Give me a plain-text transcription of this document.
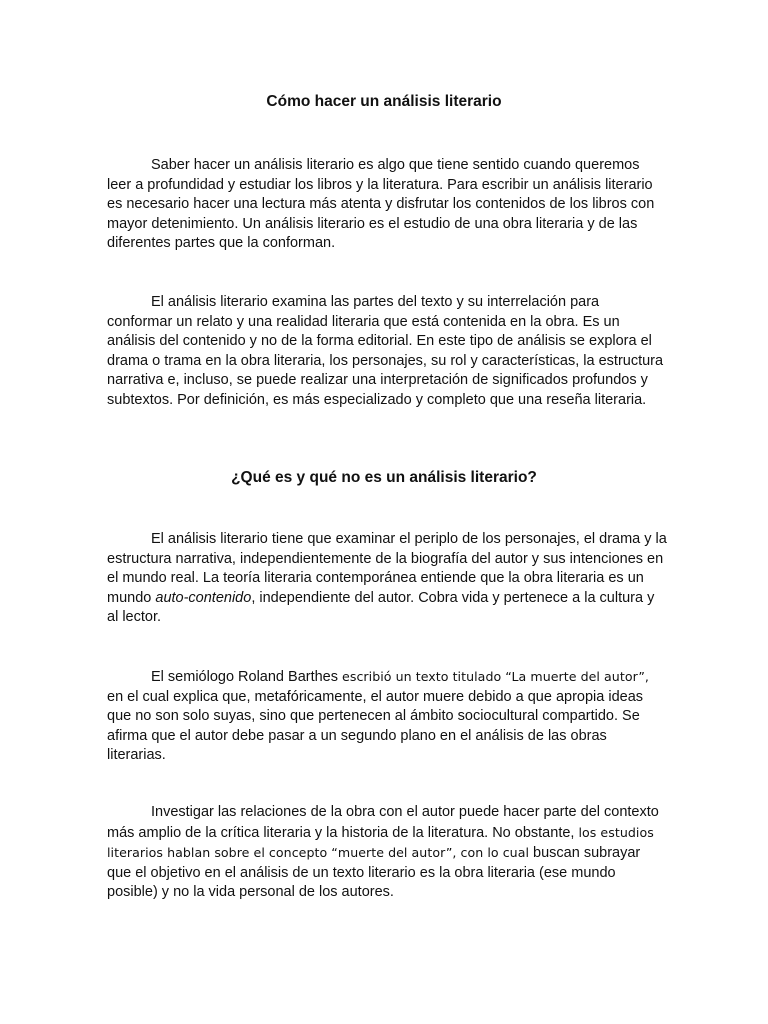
Cómo hacer un análisis literario

Saber hacer un análisis literario es algo que tiene sentido cuando queremos leer a profundidad y estudiar los libros y la literatura. Para escribir un análisis literario es necesario hacer una lectura más atenta y disfrutar los contenidos de los libros con mayor detenimiento. Un análisis literario es el estudio de una obra literaria y de las diferentes partes que la conforman.

El análisis literario examina las partes del texto y su interrelación para conformar un relato y una realidad literaria que está contenida en la obra. Es un análisis del contenido y no de la forma editorial. En este tipo de análisis se explora el drama o trama en la obra literaria, los personajes, su rol y características, la estructura narrativa e, incluso, se puede realizar una interpretación de significados profundos y subtextos. Por definición, es más especializado y completo que una reseña literaria.

¿Qué es y qué no es un análisis literario?

El análisis literario tiene que examinar el periplo de los personajes, el drama y la estructura narrativa, independientemente de la biografía del autor y sus intenciones en el mundo real. La teoría literaria contemporánea entiende que la obra literaria es un mundo auto-contenido, independiente del autor. Cobra vida y pertenece a la cultura y al lector.

El semiólogo Roland Barthes escribió un texto titulado “La muerte del autor”, en el cual explica que, metafóricamente, el autor muere debido a que apropia ideas que no son solo suyas, sino que pertenecen al ámbito sociocultural compartido. Se afirma que el autor debe pasar a un segundo plano en el análisis de las obras literarias.

Investigar las relaciones de la obra con el autor puede hacer parte del contexto más amplio de la crítica literaria y la historia de la literatura. No obstante, los estudios literarios hablan sobre el concepto “muerte del autor”, con lo cual buscan subrayar que el objetivo en el análisis de un texto literario es la obra literaria (ese mundo posible) y no la vida personal de los autores.
